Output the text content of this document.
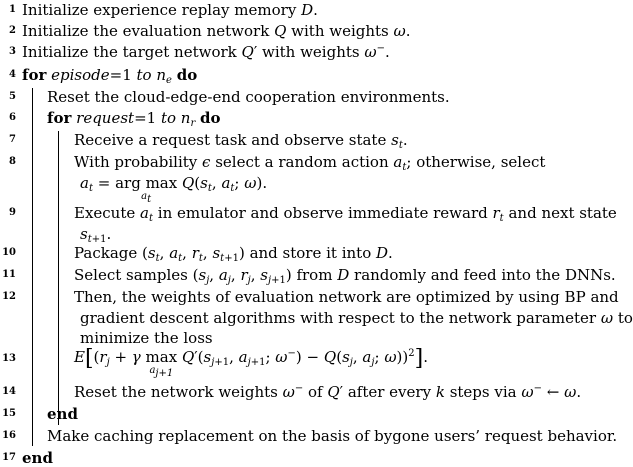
1
2
3
4
5
6
7
8
9
10
11
12
13
14
15
16
17
Initialize experience replay memory D.
Initialize the evaluation network Q with weights ω.
Initialize the target network Q′ with weights ω−.
for episode=1 to $n_e$ do
Reset the cloud-edge-end cooperation environments.
for request=1 to $n_r$ do
Receive a request task and observe state $s_t$.
With probability ϵ select a random action $a_t$; otherwise, select
$a_t$ = arg max
$a_t$
$Q(s_t$, $a_t$; ω).
Execute $a_t$ in emulator and observe immediate reward $r_t$ and next state
$s_{t+1}$.
Package ($s_t$, $a_t$, $r_t$, $s_{t+1}$) and store it into D.
Select samples ($s_j$, $a_j$, $r_j$, $s_{j+1}$) from D randomly and feed into the DNNs.
Then, the weights of evaluation network are optimized by using BP and
gradient descent algorithms with respect to the network parameter ω to
minimize the loss
$E[(r_j + \gamma$ max
$a_{j+1}$
$Q'(s_{j+1}$, $a_{j+1}$; $\omega^-) - Q(s_j$, $a_j$; ω))$^2$].
Reset the network weights ω− of Q′ after every k steps via ω− ← ω.
end
Make caching replacement on the basis of bygone users’ request behavior.
end
